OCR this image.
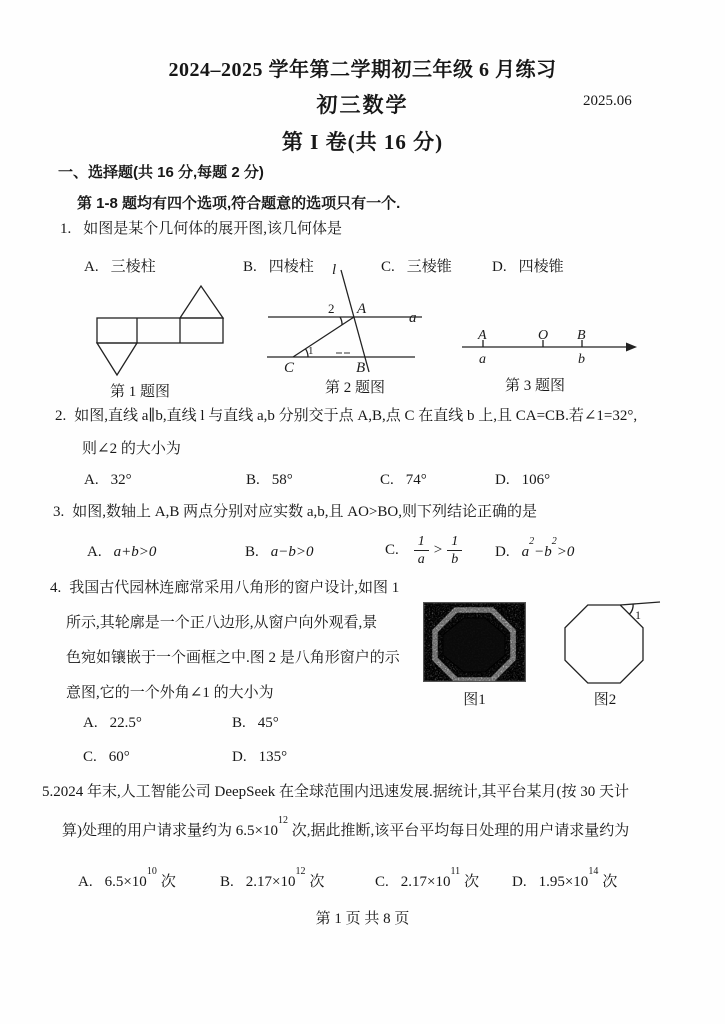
2024–2025 学年第二学期初三年级 6 月练习
初三数学	2025.06
第 I 卷(共 16 分)
一、选择题(共 16 分,每题 2 分)
第 1-8 题均有四个选项,符合题意的选项只有一个.
1. 如图是某个几何体的展开图,该几何体是
A. 三棱柱	B. 四棱柱	C. 三棱锥	D. 四棱锥
第 1 题图
l
a
A
2
B
C
1
第 2 题图
A	O B
a	b
第 3 题图
2. 如图,直线 a∥b,直线 l 与直线 a,b 分别交于点 A,B,点 C 在直线 b 上,且 CA=CB.若∠1=32°,
则∠2 的大小为
A. 32°	B. 58°	C. 74°	D. 106°
3. 如图,数轴上 A,B 两点分别对应实数 a,b,且 AO>BO,则下列结论正确的是
A. a+b>0	B. a−b>0	C. $\frac{1}{a} > \frac{1}{b} D$. $a^2-b^2>0$
4. 我国古代园林连廊常采用八角形的窗户设计,如图 1
所示,其轮廓是一个正八边形,从窗户向外观看,景
色宛如镶嵌于一个画框之中.图 2 是八角形窗户的示
意图,它的一个外角∠1 的大小为
A. 22.5°	B. 45°
C. 60°	D. 135°
图1
1
图2
5.2024 年末,人工智能公司 DeepSeek 在全球范围内迅速发展.据统计,其平台某月(按 30 天计
算)处理的用户请求量约为 $6.5\times 10^{12}$ 次,据此推断,该平台平均每日处理的用户请求量约为
A. $6.5\times 10^{10}$次	B. $2.17\times 10^{12}$次	C. $2.17\times 10^{11}$次 D. $1.95\times 10^{14}$次
第 1 页 共 8 页
